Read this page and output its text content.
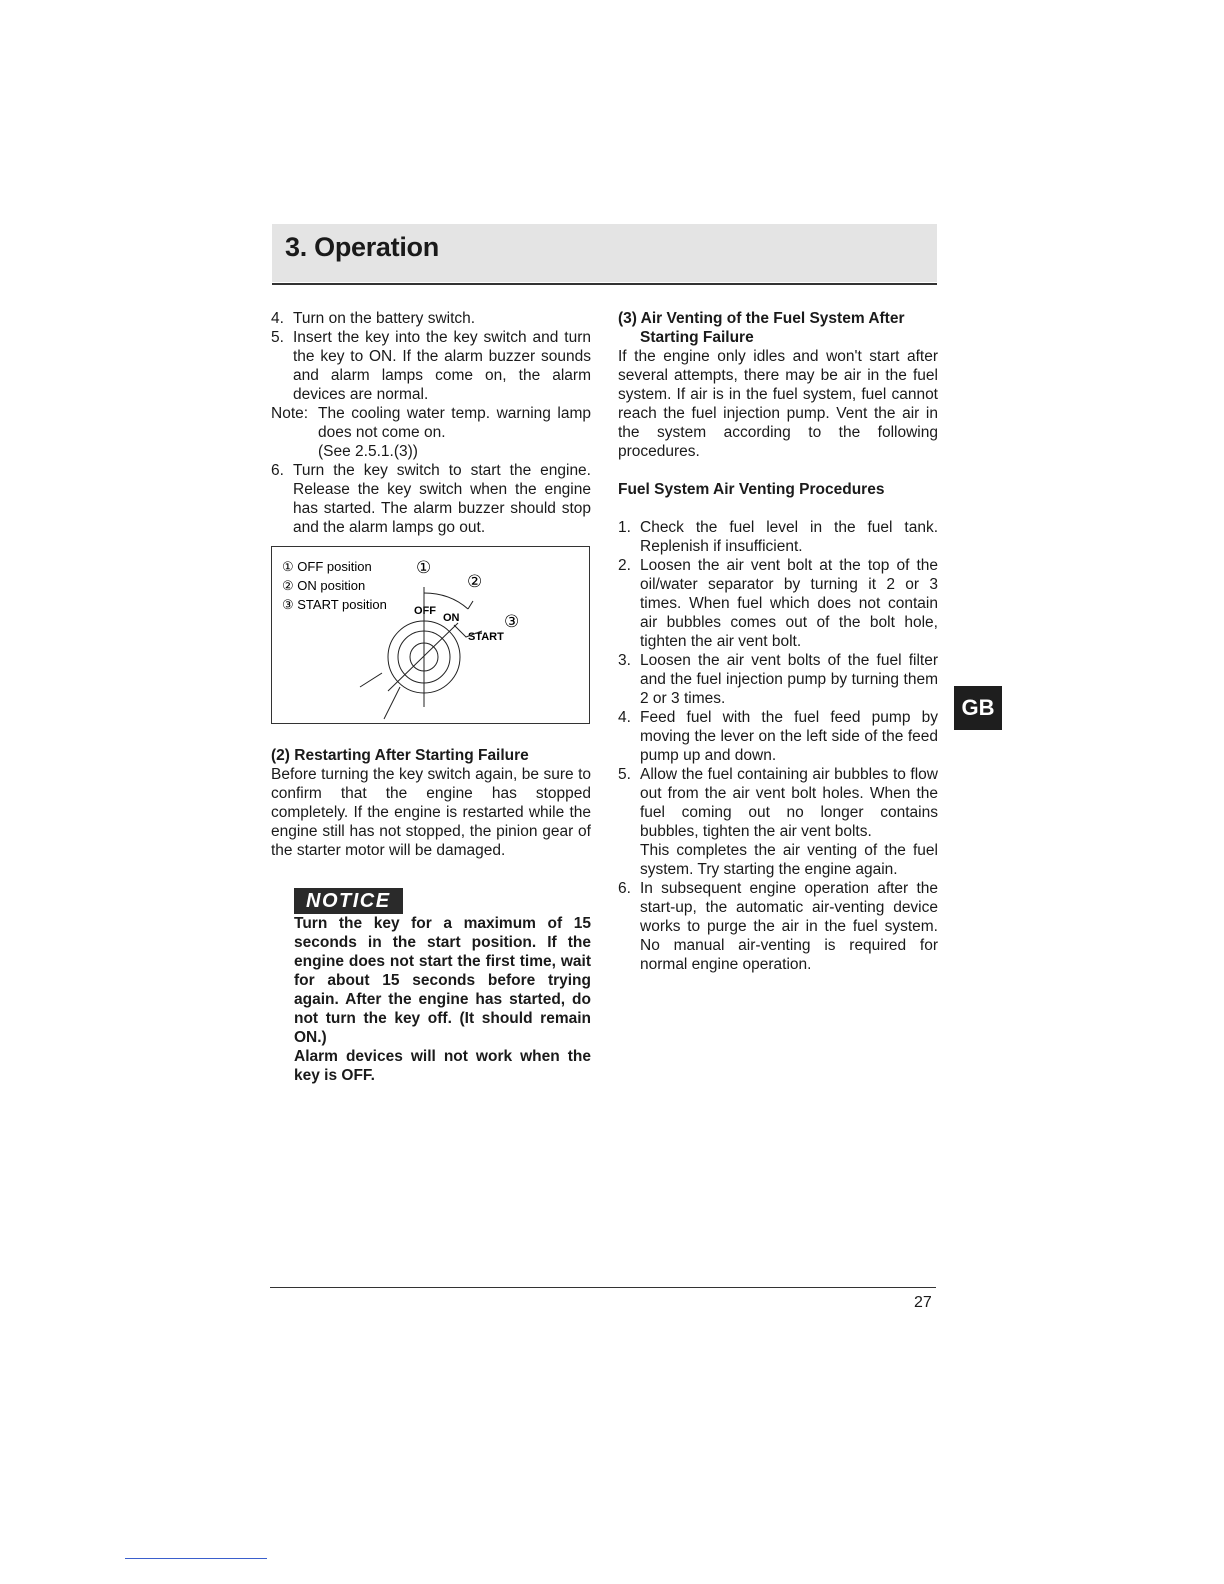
3. Operation
4. Turn on the battery switch.
5. Insert the key into the key switch and turn the key to ON. If the alarm buzzer sounds and alarm lamps come on, the alarm devices are normal.
Note: The cooling water temp. warning lamp does not come on.
(See 2.5.1.(3))
6. Turn the key switch to start the engine. Release the key switch when the engine has started. The alarm buzzer should stop and the alarm lamps go out.
① OFF position
② ON position
③ START position
①
②
③
OFF
ON
START
(2) Restarting After Starting Failure

Before turning the key switch again, be sure to confirm that the engine has stopped completely. If the engine is restarted while the engine still has not stopped, the pinion gear of the starter motor will be damaged.

NOTICE
Turn the key for a maximum of 15 seconds in the start position. If the engine does not start the first time, wait for about 15 seconds before trying again. After the engine has started, do not turn the key off. (It should remain ON.)
Alarm devices will not work when the key is OFF.
(3) Air Venting of the Fuel System After Starting Failure

If the engine only idles and won't start after several attempts, there may be air in the fuel system. If air is in the fuel system, fuel cannot reach the fuel injection pump. Vent the air in the system according to the following procedures.

Fuel System Air Venting Procedures
1. Check the fuel level in the fuel tank. Replenish if insufficient.
2. Loosen the air vent bolt at the top of the oil/water separator by turning it 2 or 3 times. When fuel which does not contain air bubbles comes out of the bolt hole, tighten the air vent bolt.
3. Loosen the air vent bolts of the fuel filter and the fuel injection pump by turning them 2 or 3 times.
4. Feed fuel with the fuel feed pump by moving the lever on the left side of the feed pump up and down.
5. Allow the fuel containing air bubbles to flow out from the air vent bolt holes. When the fuel coming out no longer contains bubbles, tighten the air vent bolts.
This completes the air venting of the fuel system. Try starting the engine again.
6. In subsequent engine operation after the start-up, the automatic air-venting device works to purge the air in the fuel system. No manual air-venting is required for normal engine operation.
GB
27
